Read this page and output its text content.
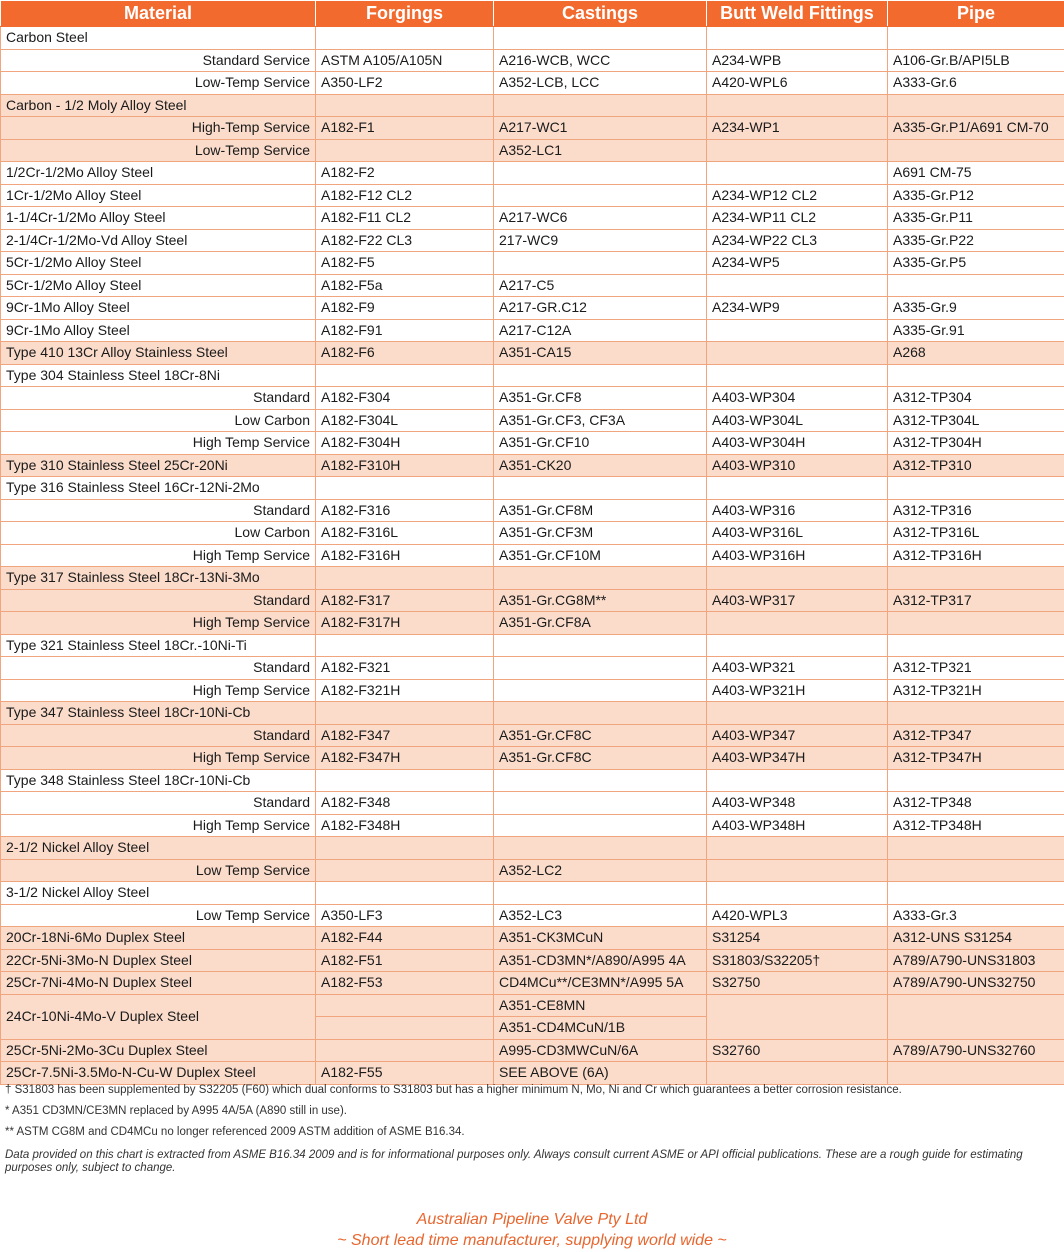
Material	Forgings	Castings	Butt Weld Fittings	Pipe
Carbon Steel				
Standard Service	ASTM A105/A105N	A216-WCB, WCC	A234-WPB	A106-Gr.B/API5LB
Low-Temp Service	A350-LF2	A352-LCB, LCC	A420-WPL6	A333-Gr.6
Carbon - 1/2 Moly Alloy Steel				
High-Temp Service	A182-F1	A217-WC1	A234-WP1	A335-Gr.P1/A691 CM-70
Low-Temp Service		A352-LC1		
1/2Cr-1/2Mo Alloy Steel	A182-F2			A691 CM-75
1Cr-1/2Mo Alloy Steel	A182-F12 CL2		A234-WP12 CL2	A335-Gr.P12
1-1/4Cr-1/2Mo Alloy Steel	A182-F11 CL2	A217-WC6	A234-WP11 CL2	A335-Gr.P11
2-1/4Cr-1/2Mo-Vd Alloy Steel	A182-F22 CL3	217-WC9	A234-WP22 CL3	A335-Gr.P22
5Cr-1/2Mo Alloy Steel	A182-F5		A234-WP5	A335-Gr.P5
5Cr-1/2Mo Alloy Steel	A182-F5a	A217-C5		
9Cr-1Mo Alloy Steel	A182-F9	A217-GR.C12	A234-WP9	A335-Gr.9
9Cr-1Mo Alloy Steel	A182-F91	A217-C12A		A335-Gr.91
Type 410 13Cr Alloy Stainless Steel	A182-F6	A351-CA15		A268
Type 304 Stainless Steel 18Cr-8Ni				
Standard	A182-F304	A351-Gr.CF8	A403-WP304	A312-TP304
Low Carbon	A182-F304L	A351-Gr.CF3, CF3A	A403-WP304L	A312-TP304L
High Temp Service	A182-F304H	A351-Gr.CF10	A403-WP304H	A312-TP304H
Type 310 Stainless Steel 25Cr-20Ni	A182-F310H	A351-CK20	A403-WP310	A312-TP310
Type 316 Stainless Steel 16Cr-12Ni-2Mo				
Standard	A182-F316	A351-Gr.CF8M	A403-WP316	A312-TP316
Low Carbon	A182-F316L	A351-Gr.CF3M	A403-WP316L	A312-TP316L
High Temp Service	A182-F316H	A351-Gr.CF10M	A403-WP316H	A312-TP316H
Type 317 Stainless Steel 18Cr-13Ni-3Mo				
Standard	A182-F317	A351-Gr.CG8M**	A403-WP317	A312-TP317
High Temp Service	A182-F317H	A351-Gr.CF8A		
Type 321 Stainless Steel 18Cr.-10Ni-Ti				
Standard	A182-F321		A403-WP321	A312-TP321
High Temp Service	A182-F321H		A403-WP321H	A312-TP321H
Type 347 Stainless Steel 18Cr-10Ni-Cb				
Standard	A182-F347	A351-Gr.CF8C	A403-WP347	A312-TP347
High Temp Service	A182-F347H	A351-Gr.CF8C	A403-WP347H	A312-TP347H
Type 348 Stainless Steel 18Cr-10Ni-Cb				
Standard	A182-F348		A403-WP348	A312-TP348
High Temp Service	A182-F348H		A403-WP348H	A312-TP348H
2-1/2 Nickel Alloy Steel				
Low Temp Service		A352-LC2		
3-1/2 Nickel Alloy Steel				
Low Temp Service	A350-LF3	A352-LC3	A420-WPL3	A333-Gr.3
20Cr-18Ni-6Mo Duplex Steel	A182-F44	A351-CK3MCuN	S31254	A312-UNS S31254
22Cr-5Ni-3Mo-N Duplex Steel	A182-F51	A351-CD3MN*/A890/A995 4A	S31803/S32205†	A789/A790-UNS31803
25Cr-7Ni-4Mo-N Duplex Steel	A182-F53	CD4MCu**/CE3MN*/A995 5A	S32750	A789/A790-UNS32750
24Cr-10Ni-4Mo-V Duplex Steel		A351-CE8MN		
		A351-CD4MCuN/1B		
25Cr-5Ni-2Mo-3Cu Duplex Steel		A995-CD3MWCuN/6A	S32760	A789/A790-UNS32760
25Cr-7.5Ni-3.5Mo-N-Cu-W Duplex Steel	A182-F55	SEE ABOVE (6A)		

† S31803 has been supplemented by S32205 (F60) which dual conforms to S31803 but has a higher minimum N, Mo, Ni and Cr which guarantees a better corrosion resistance.

* A351 CD3MN/CE3MN replaced by A995 4A/5A (A890 still in use).

** ASTM CG8M and CD4MCu no longer referenced 2009 ASTM addition of ASME B16.34.

Data provided on this chart is extracted from ASME B16.34 2009 and is for informational purposes only. Always consult current ASME or API official publications. These are a rough guide for estimating purposes only, subject to change.

Australian Pipeline Valve Pty Ltd
~ Short lead time manufacturer, supplying world wide ~
